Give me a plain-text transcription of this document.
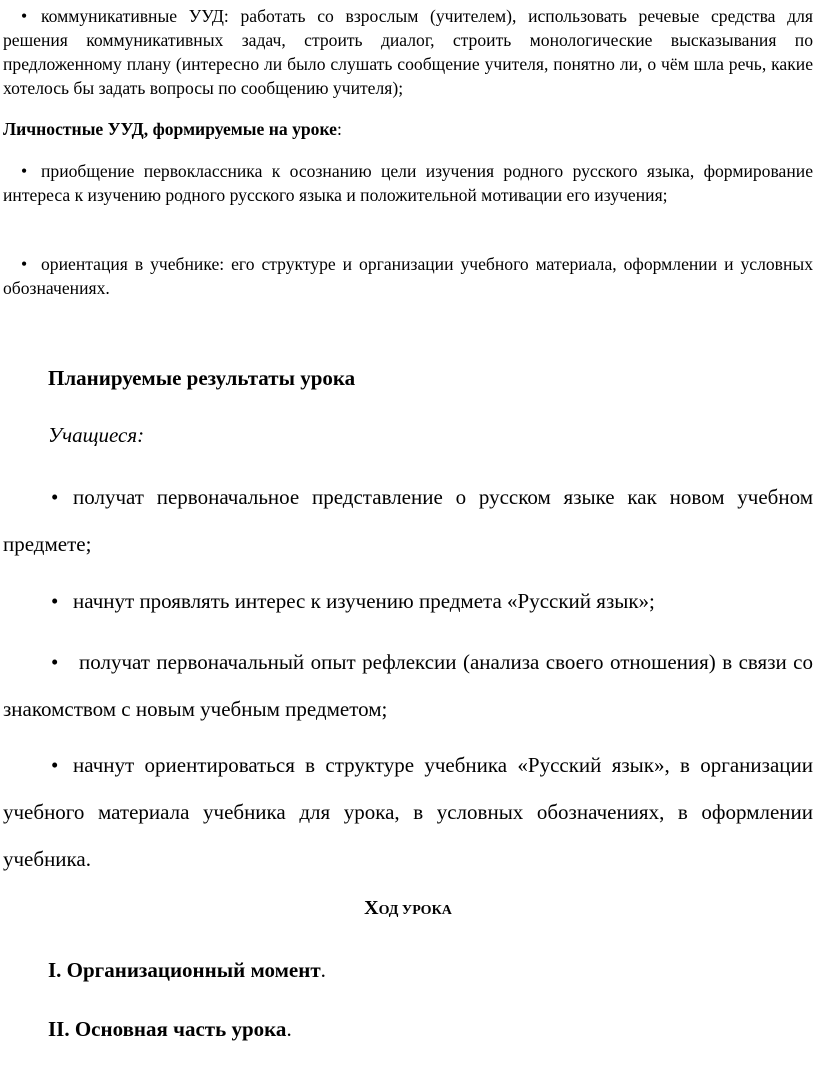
• коммуникативные УУД: работать со взрослым (учителем), использовать речевые средства для решения коммуникативных задач, строить диалог, строить монологические высказывания по предложенному плану (интересно ли было слушать сообщение учителя, понятно ли, о чём шла речь, какие хотелось бы задать вопросы по сообщению учителя);

Личностные УУД, формируемые на уроке:

• приобщение первоклассника к осознанию цели изучения родного русского языка, формирование интереса к изучению родного русского языка и положительной мотивации его изучения;

• ориентация в учебнике: его структуре и организации учебного материала, оформлении и условных обозначениях.

Планируемые результаты урока

Учащиеся:

• получат первоначальное представление о русском языке как новом учебном предмете;

• начнут проявлять интерес к изучению предмета «Русский язык»;

• получат первоначальный опыт рефлексии (анализа своего отношения) в связи со знакомством с новым учебным предметом;

• начнут ориентироваться в структуре учебника «Русский язык», в организации учебного материала учебника для урока, в условных обозначениях, в оформлении учебника.

ХОД УРОКА

I. Организационный момент.

II. Основная часть урока.
